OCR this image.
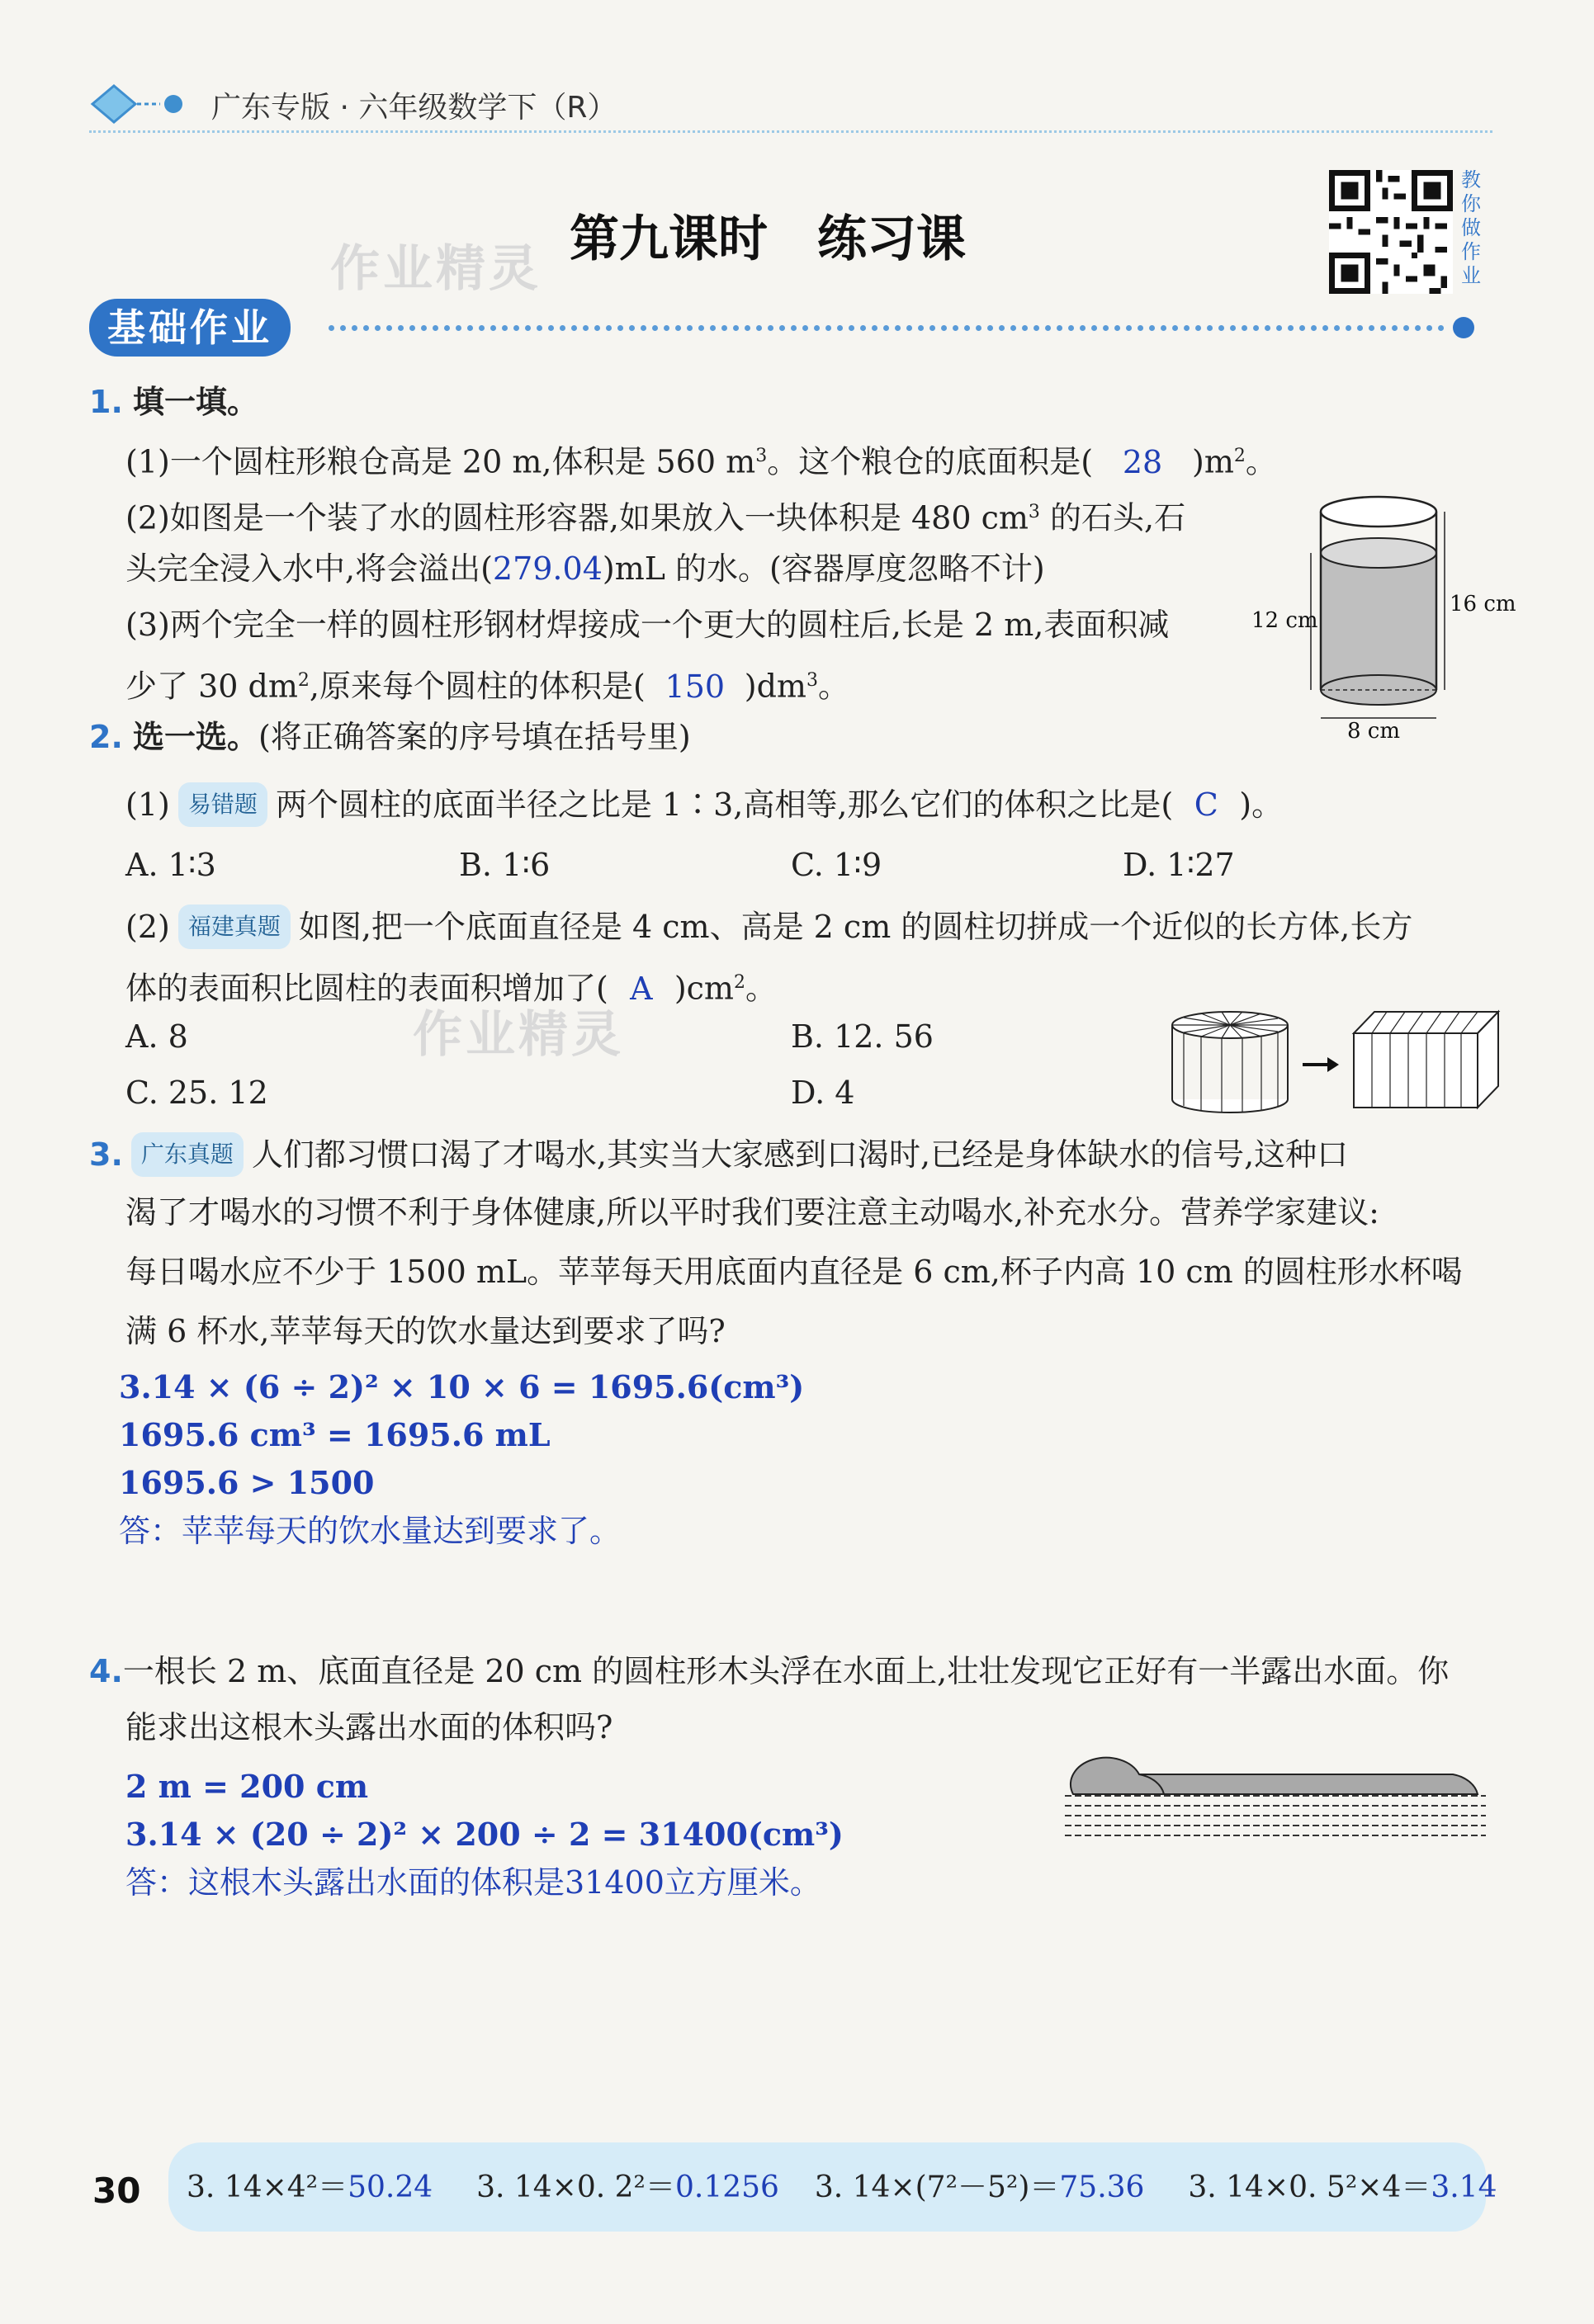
广东专版 · 六年级数学下（R）
作业精灵
第九课时　练习课
教你做作业
基础作业
1. 填一填。
(1)一个圆柱形粮仓高是 20 m,体积是 560 $m^3$。这个粮仓的底面积是( 28 )$m^2$。
(2)如图是一个装了水的圆柱形容器,如果放入一块体积是 480 $cm^3$ 的石头,石
头完全浸入水中,将会溢出(279.04)mL 的水。(容器厚度忽略不计)
(3)两个完全一样的圆柱形钢材焊接成一个更大的圆柱后,长是 2 m,表面积减
少了 30 $dm^2$,原来每个圆柱的体积是( 150 )$dm^3$。
16 cm
12 cm
8 cm
2. 选一选。(将正确答案的序号填在括号里)
(1) 易错题 两个圆柱的底面半径之比是 1∶3,高相等,那么它们的体积之比是( C )。
A. 1∶3	B. 1∶6	C. 1∶9	D. 1∶27
(2) 福建真题 如图,把一个底面直径是 4 cm、高是 2 cm 的圆柱切拼成一个近似的长方体,长方
体的表面积比圆柱的表面积增加了( A )$cm^2$。
作业精灵
A. 8	B. 12. 56
C. 25. 12	D. 4
3. 广东真题 人们都习惯口渴了才喝水,其实当大家感到口渴时,已经是身体缺水的信号,这种口
渴了才喝水的习惯不利于身体健康,所以平时我们要注意主动喝水,补充水分。营养学家建议:
每日喝水应不少于 1500 mL。苹苹每天用底面内直径是 6 cm,杯子内高 10 cm 的圆柱形水杯喝
满 6 杯水,苹苹每天的饮水量达到要求了吗?
3.14 × (6 ÷ 2)² × 10 × 6 = 1695.6(cm³)
1695.6 cm³ = 1695.6 mL
1695.6 > 1500
答：苹苹每天的饮水量达到要求了。
4.一根长 2 m、底面直径是 20 cm 的圆柱形木头浮在水面上,壮壮发现它正好有一半露出水面。你
能求出这根木头露出水面的体积吗?
2 m = 200 cm
3.14 × (20 ÷ 2)² × 200 ÷ 2 = 31400(cm³)
答：这根木头露出水面的体积是31400立方厘米。
30 3. 14×4²＝50.24 3. 14×0. 2²＝0.1256 3. 14×(7²－5²)＝75.36 3. 14×0. 5²×4＝3.14
